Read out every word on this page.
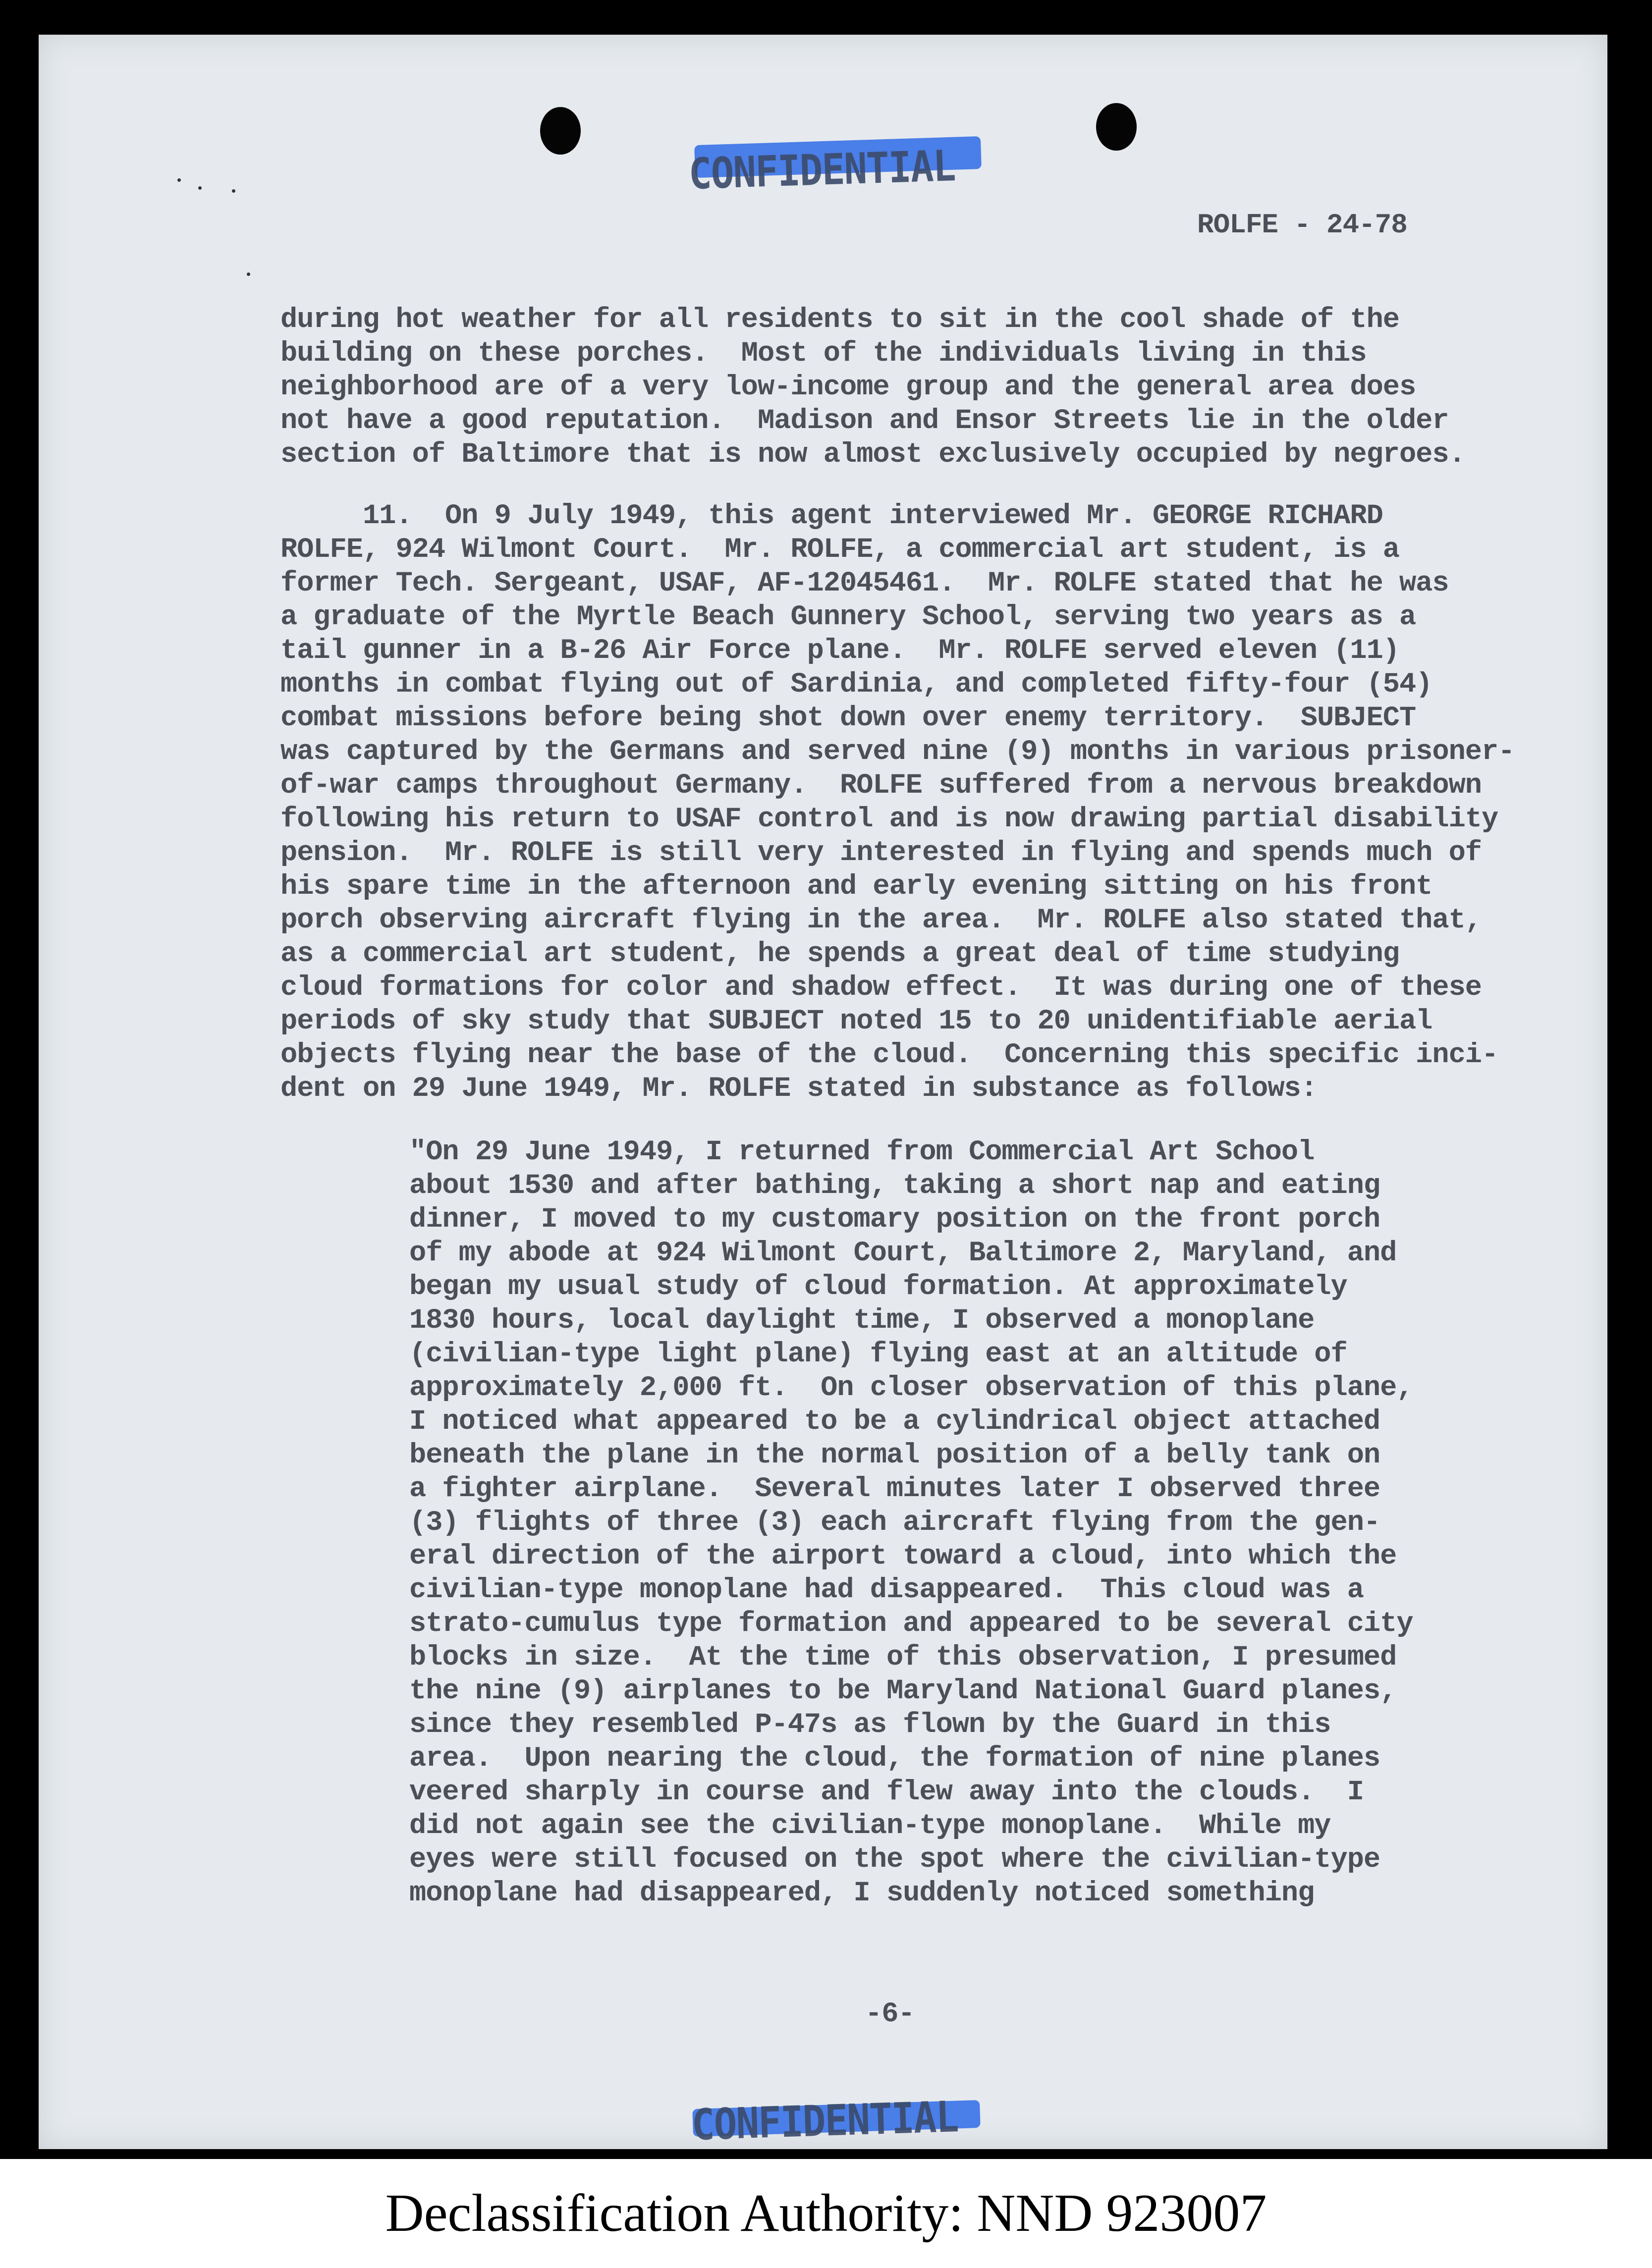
CONFIDENTIAL
ROLFE - 24-78
during hot weather for all residents to sit in the cool shade of the
building on these porches.  Most of the individuals living in this
neighborhood are of a very low-income group and the general area does
not have a good reputation.  Madison and Ensor Streets lie in the older
section of Baltimore that is now almost exclusively occupied by negroes.
11.  On 9 July 1949, this agent interviewed Mr. GEORGE RICHARD
ROLFE, 924 Wilmont Court.  Mr. ROLFE, a commercial art student, is a
former Tech. Sergeant, USAF, AF-12045461.  Mr. ROLFE stated that he was
a graduate of the Myrtle Beach Gunnery School, serving two years as a
tail gunner in a B-26 Air Force plane.  Mr. ROLFE served eleven (11)
months in combat flying out of Sardinia, and completed fifty-four (54)
combat missions before being shot down over enemy territory.  SUBJECT
was captured by the Germans and served nine (9) months in various prisoner-
of-war camps throughout Germany.  ROLFE suffered from a nervous breakdown
following his return to USAF control and is now drawing partial disability
pension.  Mr. ROLFE is still very interested in flying and spends much of
his spare time in the afternoon and early evening sitting on his front
porch observing aircraft flying in the area.  Mr. ROLFE also stated that,
as a commercial art student, he spends a great deal of time studying
cloud formations for color and shadow effect.  It was during one of these
periods of sky study that SUBJECT noted 15 to 20 unidentifiable aerial
objects flying near the base of the cloud.  Concerning this specific inci-
dent on 29 June 1949, Mr. ROLFE stated in substance as follows:
"On 29 June 1949, I returned from Commercial Art School
about 1530 and after bathing, taking a short nap and eating
dinner, I moved to my customary position on the front porch
of my abode at 924 Wilmont Court, Baltimore 2, Maryland, and
began my usual study of cloud formation. At approximately
1830 hours, local daylight time, I observed a monoplane
(civilian-type light plane) flying east at an altitude of
approximately 2,000 ft.  On closer observation of this plane,
I noticed what appeared to be a cylindrical object attached
beneath the plane in the normal position of a belly tank on
a fighter airplane.  Several minutes later I observed three
(3) flights of three (3) each aircraft flying from the gen-
eral direction of the airport toward a cloud, into which the
civilian-type monoplane had disappeared.  This cloud was a
strato-cumulus type formation and appeared to be several city
blocks in size.  At the time of this observation, I presumed
the nine (9) airplanes to be Maryland National Guard planes,
since they resembled P-47s as flown by the Guard in this
area.  Upon nearing the cloud, the formation of nine planes
veered sharply in course and flew away into the clouds.  I
did not again see the civilian-type monoplane.  While my
eyes were still focused on the spot where the civilian-type
monoplane had disappeared, I suddenly noticed something
-6-
CONFIDENTIAL
Declassification Authority: NND 923007
